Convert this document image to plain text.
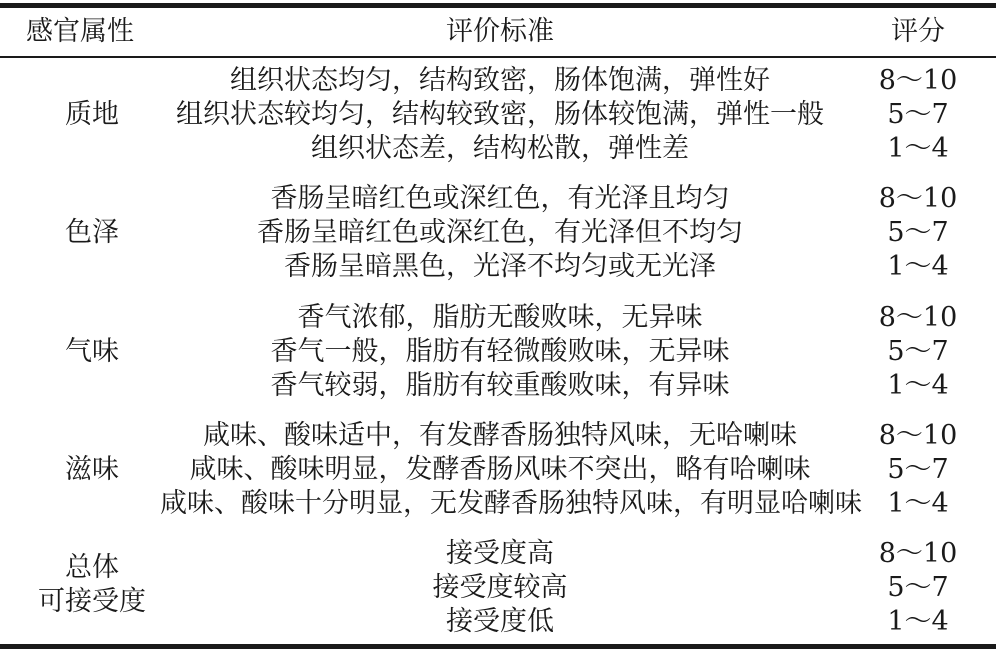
感官属性	评价标准	评分
质地
组织状态均匀，结构致密，肠体饱满，弹性好
组织状态较均匀，结构较致密，肠体较饱满，弹性一般
组织状态差，结构松散，弹性差
8～10
5～7
1～4
色泽
香肠呈暗红色或深红色，有光泽且均匀
香肠呈暗红色或深红色，有光泽但不均匀
香肠呈暗黑色，光泽不均匀或无光泽
8～10
5～7
1～4
气味
香气浓郁，脂肪无酸败味，无异味
香气一般，脂肪有轻微酸败味，无异味
香气较弱，脂肪有较重酸败味，有异味
8～10
5～7
1～4
滋味
咸味、酸味适中，有发酵香肠独特风味，无哈喇味
咸味、酸味明显，发酵香肠风味不突出，略有哈喇味
咸味、酸味十分明显，无发酵香肠独特风味，有明显哈喇味
8～10
5～7
1～4
总体
可接受度
接受度高
接受度较高
接受度低
8～10
5～7
1～4
